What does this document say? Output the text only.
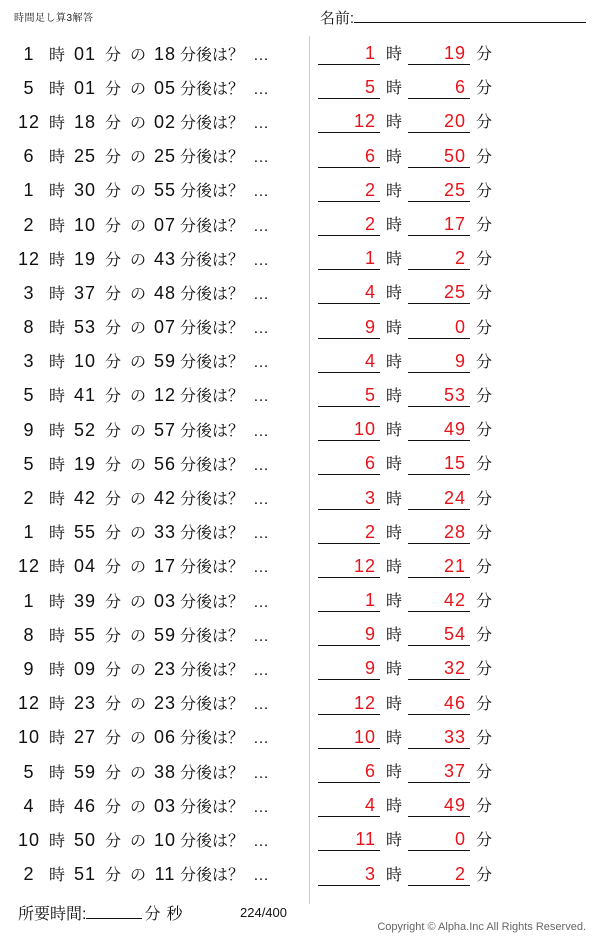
時間足し算3解答	名前:
1 時 01 分 の 18 分後は？ …	1 時	19 分
5 時 01 分 の 05 分後は？ …	5 時	6 分
12 時 18 分 の 02 分後は？ …	12 時	20 分
6 時 25 分 の 25 分後は？ …	6 時	50 分
1 時 30 分 の 55 分後は？ …	2 時	25 分
2 時 10 分 の 07 分後は？ …	2 時	17 分
12 時 19 分 の 43 分後は？ …	1 時	2 分
3 時 37 分 の 48 分後は？ …	4 時	25 分
8 時 53 分 の 07 分後は？ …	9 時	0 分
3 時 10 分 の 59 分後は？ …	4 時	9 分
5 時 41 分 の 12 分後は？ …	5 時	53 分
9 時 52 分 の 57 分後は？ …	10 時	49 分
5 時 19 分 の 56 分後は？ …	6 時	15 分
2 時 42 分 の 42 分後は？ …	3 時	24 分
1 時 55 分 の 33 分後は？ …	2 時	28 分
12 時 04 分 の 17 分後は？ …	12 時	21 分
1 時 39 分 の 03 分後は？ …	1 時	42 分
8 時 55 分 の 59 分後は？ …	9 時	54 分
9 時 09 分 の 23 分後は？ …	9 時	32 分
12 時 23 分 の 23 分後は？ …	12 時	46 分
10 時 27 分 の 06 分後は？ …	10 時	33 分
5 時 59 分 の 38 分後は？ …	6 時	37 分
4 時 46 分 の 03 分後は？ …	4 時	49 分
10 時 50 分 の 10 分後は？ …	11 時	0 分
2 時 51 分 の 11 分後は？ …	3 時	2 分
所要時間:	分 秒	224/400
Copyright © Alpha.Inc All Rights Reserved.
